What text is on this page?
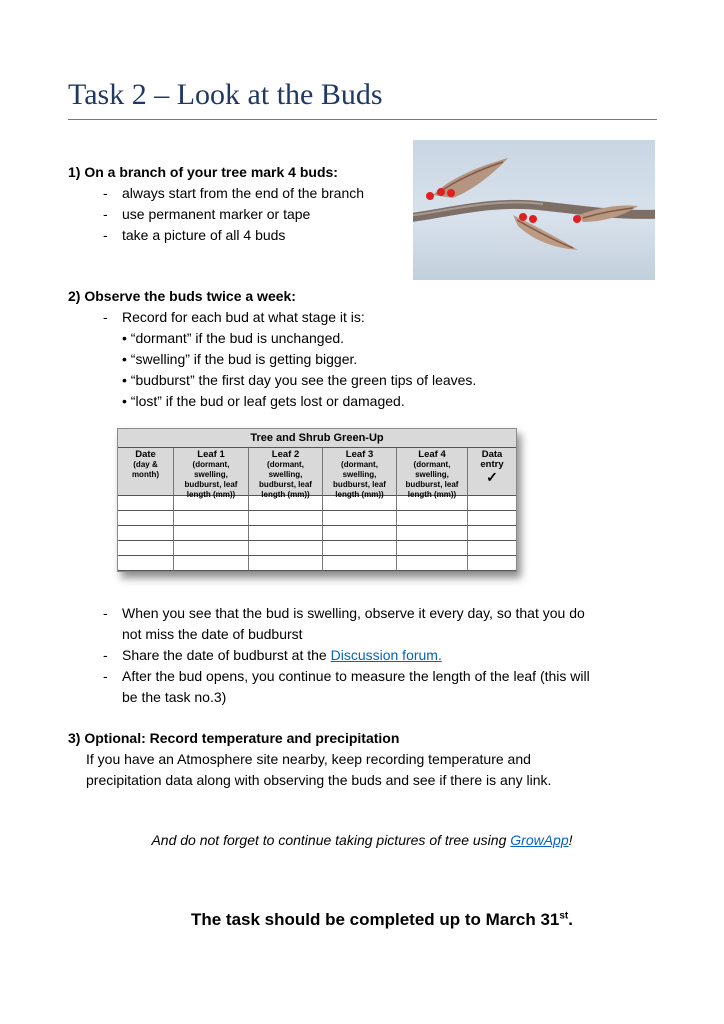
Task 2 – Look at the Buds
1) On a branch of your tree mark 4 buds:
- always start from the end of the branch
- use permanent marker or tape
- take a picture of all 4 buds
2) Observe the buds twice a week:
- Record for each bud at what stage it is:
• “dormant” if the bud is unchanged.
• “swelling” if the bud is getting bigger.
• “budburst” the first day you see the green tips of leaves.
• “lost” if the bud or leaf gets lost or damaged.
Tree and Shrub Green-Up
Date
(day &
month)
Leaf 1
(dormant,
swelling,
budburst, leaf
length (mm))
Leaf 2
(dormant,
swelling,
budburst, leaf
length (mm))
Leaf 3
(dormant,
swelling,
budburst, leaf
length (mm))
Leaf 4
(dormant,
swelling,
budburst, leaf
length (mm))
Data
entry
✓
- When you see that the bud is swelling, observe it every day, so that you do
not miss the date of budburst
- Share the date of budburst at the Discussion forum.
- After the bud opens, you continue to measure the length of the leaf (this will
be the task no.3)
3) Optional: Record temperature and precipitation
If you have an Atmosphere site nearby, keep recording temperature and
precipitation data along with observing the buds and see if there is any link.
And do not forget to continue taking pictures of tree using GrowApp!
The task should be completed up to March 31st.
